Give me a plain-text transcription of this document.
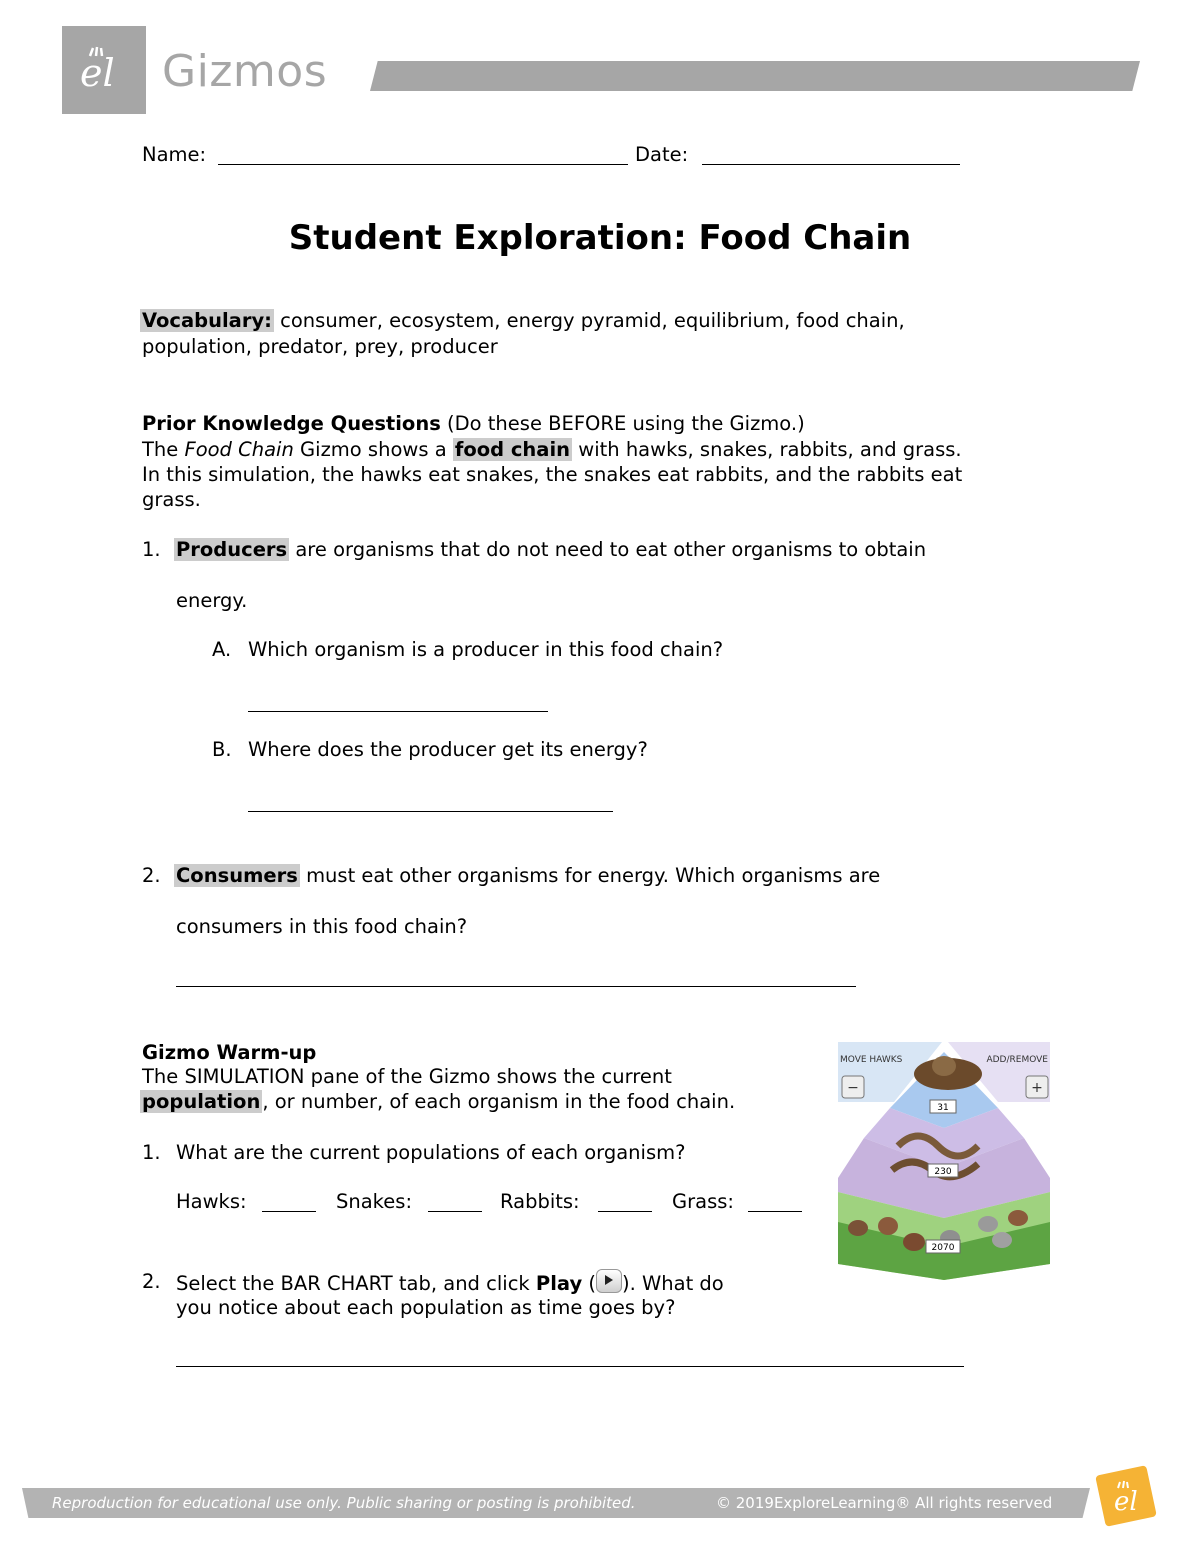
el Gizmos
Name:	Date:
Student Exploration: Food Chain
Vocabulary: consumer, ecosystem, energy pyramid, equilibrium, food chain,
population, predator, prey, producer
Prior Knowledge Questions (Do these BEFORE using the Gizmo.)
The Food Chain Gizmo shows a food chain with hawks, snakes, rabbits, and grass.
In this simulation, the hawks eat snakes, the snakes eat rabbits, and the rabbits eat
grass.
1. Producers are organisms that do not need to eat other organisms to obtain
energy.
A. Which organism is a producer in this food chain?
B. Where does the producer get its energy?
2. Consumers must eat other organisms for energy. Which organisms are
consumers in this food chain?
Gizmo Warm-up
The SIMULATION pane of the Gizmo shows the current
population , or number, of each organism in the food chain.
1. What are the current populations of each organism?
Hawks:	Snakes:	Rabbits:	Grass:
2. Select the BAR CHART tab, and click Play ( ). What do
you notice about each population as time goes by?
−	+
MOVE HAWKS	ADD/REMOVE
31
230
2070
Reproduction for educational use only. Public sharing or posting is prohibited.	© 2019ExploreLearning® All rights reserved el
